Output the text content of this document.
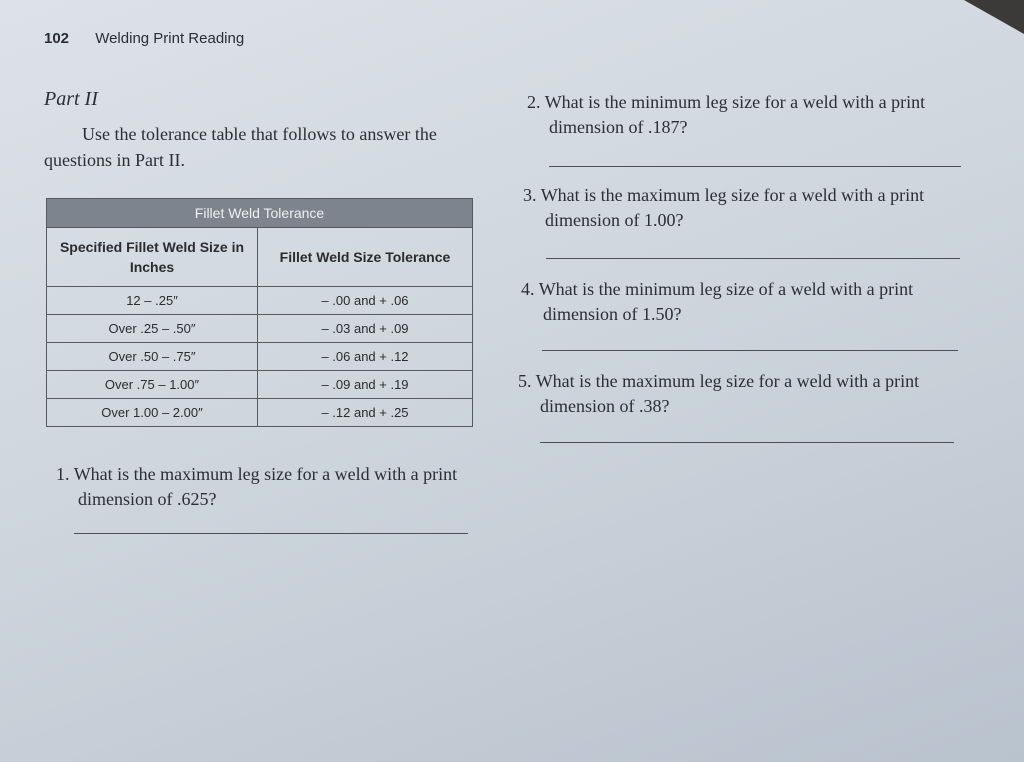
102 Welding Print Reading
Part II
Use the tolerance table that follows to answer the questions in Part II.
Fillet Weld Tolerance	
Specified Fillet Weld Size in Inches	Fillet Weld Size Tolerance
12 – .25″	– .00 and + .06
Over .25 – .50″	– .03 and + .09
Over .50 – .75″	– .06 and + .12
Over .75 – 1.00″	– .09 and + .19
Over 1.00 – 2.00″	– .12 and + .25
1. What is the maximum leg size for a weld with a print dimension of .625?
2. What is the minimum leg size for a weld with a print dimension of .187?
3. What is the maximum leg size for a weld with a print dimension of 1.00?
4. What is the minimum leg size of a weld with a print dimension of 1.50?
5. What is the maximum leg size for a weld with a print dimension of .38?
